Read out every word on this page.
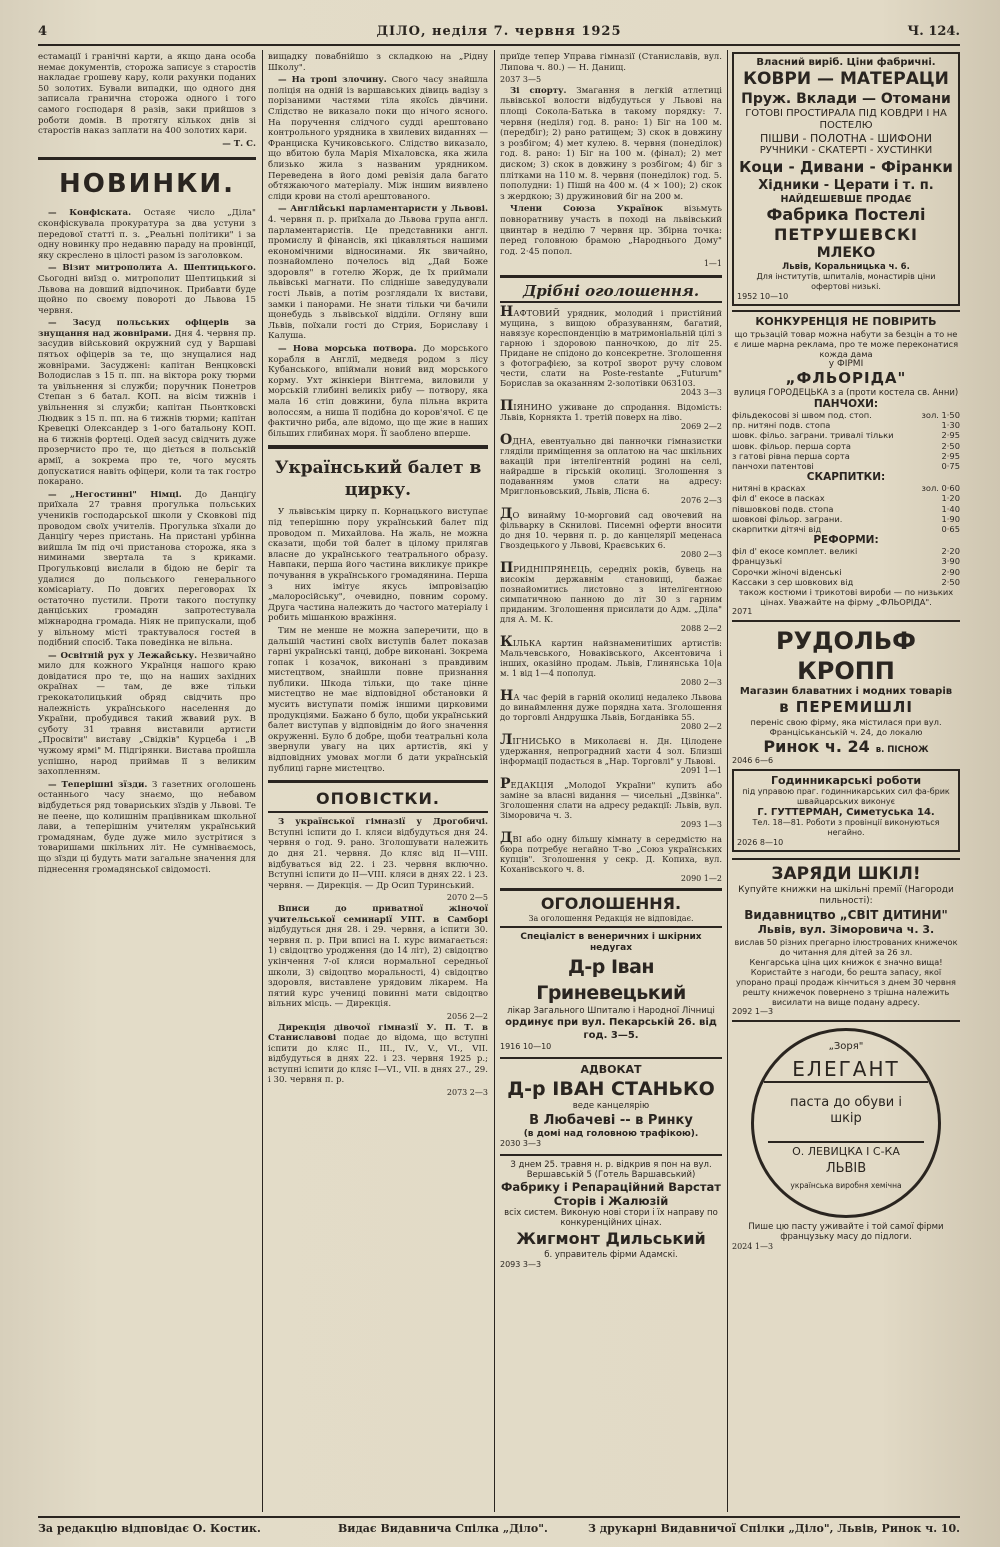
4	ДІЛО, неділя 7. червня 1925	Ч. 124.

естамації і гранічні карти, а якщо дана особа немає документів, сторожа записує з старостів накладає грошеву кару, коли рахунки поданих 50 золотих. Бували випадки, що одного дня записала гранична сторожа одного і того самого господаря 8 разів, заки прийшов з роботи домів. В протягу кількох днів зі старостів наказ заплати на 400 золотих кари.

— Т. С.
НОВИНКИ.

— Конфіската. Остаяє число „Діла" сконфіскувала прокуратура за два устуни з передової статті п. з. „Реальні політики" і за одну новинку про недавню параду на провінції, яку скреслено в цілості разом із заголовком.

— Візит митрополита А. Шептицького. Сьогодні виїзд о. митрополит Шептицький зі Львова на довший відпочинок. Прибавти буде щойно по своєму поворотi до Львова 15 червня.

— Засуд польських офіцерів за знущання над жовнірами. Дня 4. червня пр. засудив військовий окружний суд у Варшаві пятьох офіцерів за те, що знущалися над жовнірами. Засуджені: капітан Венцковскі Володислав з 15 п. пп. на віктора року тюрми та увільнення зі служби; поручник Понетров Степан з 6 батал. КОП. на вісім тижнів і увільнення зі служби; капітан Пьонтковскі Людвик з 15 п. пп. на 6 тижнів тюрми; капітан Кревецкі Олександер з 1-ого батальону КОП. на 6 тижнів фортеці. Одей засуд свідчить дуже прозерчисто про те, що діється в польській армії, а зокрема про те, чого мусять допускатися навіть офіцери, коли та так гостро покарано.

— „Негостинні" Німці. До Данціґу приїхала 27 травня прогулька польських учеників господарської школи у Сковкові під проводом своїх учителів. Прогулька зїхали до Данціґу через пристань. На пристані урбінна вийшла їм під очі пристанова сторожа, яка з ниминами звертала та з криками. Прогульковці вислали в бідою не беріг та удалися до польського генерального комісаріату. По довгих переговорах їх остаточно пустили. Проти такого поступку данціських громадян запротестувала міжнародна громада. Ніяк не припускали, щоб у вільному місті трактувалося гостей в подібний спосіб. Така поведінка не вільна.

— Освітній рух у Лежайську. Незвичайно мило для кожного Українця нашого краю довідатися про те, що на наших західних окраїнах — там, де вже тільки грекокатолицький обряд свідчить про належність українського населення до України, пробудився такий жвавий рух. В суботу 31 травня виставили артисти „Просвіти" виставу „Свідків" Курцеба і „В чужому ярмі" М. Підгірянки. Вистава пройшла успішно, народ приймав її з великим захопленням.

— Теперішні зїзди. З газетних оголошень останнього часу знаємо, що небавом відбудеться ряд товариських зїздів у Львові. Те не пеене, що колишнім працівникам школьної лави, а теперішнім учителям український громадянам, буде дуже мило зустрітися з товаришами шкільних літ. Не сумніваємось, що зїзди ці будуть мати загальне значення для піднесення громадянської свідомості.

вищадку повабнійшо з складкою на „Рідну Школу".

— На тропі злочину. Свого часу знайшла поліція на одній із варшавських дівиць вадізу з порізаними частями тіла якоїсь дівчини. Слідство не виказало поки що нічого ясного. На поручення слідчого судді арештовано контрольного урядника в хвилевих виданнях — Франциска Кучиковського. Слідство виказало, що вбитою була Марія Міхаловска, яка жила близько жила з названим урядником. Переведена в його домі ревізія дала багато обтяжаючого матеріалу. Між іншим виявлено сліди крови на столі арештованого.

— Англійські парламентаристи у Львові. 4. червня п. р. приїхала до Львова група англ. парламентаристів. Це представники англ. промислу й фінансів, які цікавляться нашими економічними відносинами. Як звичайно, познайомлено почелось від „Дай Боже здоровля" в готелю Жорж, де їх приймали львівські магнати. По слідніше заведудували гості Львів, а потім розглядали їх вистави, замки і панорами. Не знати тільки чи бачили щонебудь з львівської відділи. Огляну вши Львів, поїхали гості до Стрия, Бориславу і Калуша.

— Нова морська потвора. До морського корабля в Англії, медведя родом з лісу Кубанського, впіймали новий вид морського корму. Ухт жінкіери Вінтгема, виловили у морській глибині великіх рибу — потвору, яка мала 16 стіп довжини, була пільна вкрита волоссям, а ниша її подібна до коров'ячої. Є це фактично риба, але відомо, що ще жиє в наших більших глибинах моря. Її заоблено вперше.

Український балет в цирку.

У львівськім цирку п. Корнацького виступає під теперішню пору український балет під проводом п. Михайлова. На жаль, не можна сказати, щоби той балет в цілому прилягав власне до українського театрального образу. Навпаки, перша його частина викликує прикре почування в українського громадянина. Перша з них імітує якусь імпровізацію „малоросійську", очевидно, повним сорому. Друга частина належить до частого матеріалу і робить мішанкою вражіння.

Тим не менше не можна заперечити, що в дальшій частині своїх виступів балет показав гарні українські танці, добре виконані. Зокрема гопак і козачок, виконані з правдивим мистецтвом, знайшли повне признання публики. Шкода тільки, що таке цінне мистецтво не має відповідної обстановки й мусить виступати поміж іншими цирковими продукціями. Бажано б було, щоби український балет виступав у відповіднім до його значення окруженні. Було б добре, щоби театральні кола звернули увагу на цих артистів, які у відповідних умовах могли б дати українській публиці гарне мистецтво.

ОПОВІСТКИ.

З української гімназії у Дрогобичі. Вступні іспити до І. кляси відбудуться дня 24. червня о год. 9. рано. Зголошувати належить до дня 21. червня. До кляс від II—VIII. відбуваться від 22. і 23. червня включно. Вступні іспити до II—VIII. кляси в днях 22. і 23. червня. — Дирекція. — Др Осип Туринський.

2070 2—5

Вписи до приватної жіночої учительської семинарії УПТ. в Самборі відбудуться дня 28. і 29. червня, а іспити 30. червня п. р. При вписі на І. курс вимагається: 1) свідоцтво уродження (до 14 літ), 2) свідоцтво укінчення 7-ої кляси нормальної середньої школи, 3) свідоцтво моральності, 4) свідоцтво здоровля, виставлене урядовим лікарем. На пятий курс учениці повинні мати свідоцтво вільних місць. — Дирекція.

2056 2—2

Дирекція дівочої гімназії У. П. Т. в Станиславові подає до відома, що вступні іспити до кляс II., III., IV., V., VI., VII. відбудуться в днях 22. і 23. червня 1925 р.; вступні іспити до кляс I—VI., VII. в днях 27., 29. і 30. червня п. р.

2073 2—3

приїде тепер Управа гімназії (Станиславів, вул. Липова ч. 80.) — Н. Данищ.

2037 3—5

Зі спорту. Змагання в легкій атлетиці львівської волости відбудуться у Львові на площі Сокола-Батька в такому порядку: 7. червня (неділя) год. 8. рано: 1) Біг на 100 м. (передбіг); 2) рано ратищем; 3) скок в довжину з розбігом; 4) мет кулею. 8. червня (понеділок) год. 8. рано: 1) Біг на 100 м. (фінал); 2) мет диском; 3) скок в довжину з розбігом; 4) біг з плітками на 110 м. 8. червня (понеділок) год. 5. пополудни: 1) Пішй на 400 м. (4 × 100); 2) скок з жердкою; 3) дружиновий біг на 200 м.

Члени Союза Українок візьмуть повноратниву участь в поході на львівський цвинтар в неділю 7 червня цр. Збірна точка: перед головною брамою „Народнього Дому" год. 2·45 попол.

1—1
Дрібні оголошення.
НАФТОВИЙ урядник, молодий і пристійний мущина, з вищою образуванням, багатий, навязує кореспонденцію в матримоніальній цілі з гарною і здоровою панночкою, до літ 25. Придане не спідоно до консекретне. Зголошення з фотографією, за котрої зворот ручу словом чести, слати на Poste-restante „Futurum" Борислав за оказанням 2-золотівки 063103.
2043 3—3
ПІЯНИНО уживане до спродання. Відомість: Львів, Корнякта 1. третій поверх на ліво.
2069 2—2
ОДНА, евентуально дві панночки гімназистки гляділи приміщення за оплатою на час шкільних вакацій при інтелігентній родині на селі, найрадше в гірській околиці. Зголошення з подаванням умов слати на адресу: Мриглоньовський, Львів, Лісна 6.
2076 2—3
ДО винайму 10-морговий сад овочевий на фільварку в Скнилові. Писемні оферти вносити до дня 10. червня п. р. до канцелярії меценаса Гвоздецького у Львові, Краєвських 6.
2080 2—3
ПРИДНІПРЯНЕЦЬ, середніх років, бувець на високім державнім становищі, бажає познайомитись листовно з інтелігентною симпатичною панною до літ 30 з гарним приданим. Зголошення присилати до Адм. „Діла" для А. М. К.
2088 2—2
КІЛЬКА картин найзнаменитіших артистів: Мальчевського, Новаківського, Аксентовича і інших, оказійно продам. Львів, Глинянська 10|а м. 1 від 1—4 пополуд.
2080 2—3
НА час ферій в гарній околиці недалеко Львова до винаймлення дуже порядна хата. Зголошення до торговлі Андрушка Львів, Богданівка 55.
2080 2—2
ЛІГНИСЬКО в Миколаєві н. Дн. Цілодене удержання, непроградний хасти 4 зол. Близші інформації подасться в „Нар. Торговлі" у Львові.
2091 1—1
РЕДАКЦІЯ „Молодої України" купить або заміне за власні видання — чисельні „Дзвінка". Зголошення слати на адресу редакції: Львів, вул. Зіморовича ч. 3.
2093 1—3
ДВІ або одну більшу кімнату в середмістю на бюра потребує негайно Т-во „Союз українських купців". Зголошення у секр. Д. Копиха, вул. Коханівського ч. 8.
2090 1—2
ОГОЛОШЕННЯ.
За оголошення Редакція не відповідає.
Спеціаліст в венеричних і шкірних недугах
Д-р Іван Гриневецький
лікар Загального Шпиталю і Народної Лічниці
ординує при вул. Пекарській 26. від год. 3—5.
1916 10—10
АДВОКАТ
Д-р ІВАН СТАНЬКО
веде канцелярію
В Любачеві -- в Ринку
(в домі над головною трафікою).
2030 3—3
З днем 25. травня н. р. відкрив я пон на вул. Вершавській 5 (Готель Варшавський)
Фабрику і Репараційний Варстат Сторів і Жалюзій
всіх систем. Виконую нові стори і їх направу по конкуренційних цінах.
Жигмонт Дильський
б. управитель фірми Адамскі.
2093 3—3
Власний виріб. Ціни фабричні.
КОВРИ — МАТЕРАЦИ
Пруж. Вклади — Отомани
ГОТОВІ ПРОСТИРАЛА ПІД КОВДРИ І НА ПОСТЕЛЮ
ПІШВИ - ПОЛОТНА - ШИФОНИ
РУЧНИКИ - СКАТЕРТІ - ХУСТИНКИ
Коци - Дивани - Фіранки
Хідники - Церати і т. п.
НАЙДЕШЕВШЕ ПРОДАЄ
Фабрика Постелі
ПЕТРУШЕВСКІ
МЛЕКО
Львів, Коральницька ч. 6.
Для інститутів, шпиталів, монастирів ціни офертові низькі.
1952 10—10
КОНКУРЕНЦІЯ НЕ ПОВІРИТЬ
що трьзацій товар можна набути за безцін а то не є лише марна реклама, про те може переконатися кожда дама
у ФІРМІ
„ФЛЬОРІДА"
вулиця ГОРОДЕЦЬКА з а (проти костела св. Анни)
ПАНЧОХИ:
фільдекосові зі швом под. стоп.	зол. 1·50
пр. нитяні подв. стопа	1·30
шовк. фільо. заграни. тривалі тільки	2·95
шовк. фільор. перша сорта	2·50
з гатові рівна перша сорта	2·95
панчохи патентові	0·75
СКАРПИТКИ:
нитяні в красках	зол. 0·60
філ d' екосе в пасках	1·20
півшовкові подв. стопа	1·40
шовкові фільор. заграни.	1·90
скарпитки дітячі від	0·65
РЕФОРМИ:
філ d' екосе комплет. великі	2·20
французькі	3·90
Сорочки жіночі віденські	2·90
Кассаки з сер шовкових від	2·50
також костюми і трикотові вироби — по низьких цінах. Уважайте на фірму „ФЛЬОРІДА".
2071
РУДОЛЬФ КРОПП
Магазин блаватних і модних товарів
в ПЕРЕМИШЛІ
переніс свою фірму, яка містилася при вул. Франціськанській ч. 24, до локалю
Ринок ч. 24 в. ПІСНОЖ
2046 6—6
Годинникарські роботи
під управою праг. годинникарських сил фа-брик швайцарських виконує
Г. ГУТТЕРМАН, Симетуська 14.
Тел. 18—81. Роботи з провінції виконуються негайно.
2026 8—10
ЗАРЯДИ ШКІЛ!
Купуйте книжки на шкільні премії (Нагороди пильності):
Видавництво „СВІТ ДИТИНИ"
Львів, вул. Зіморовича ч. 3.
вислав 50 різних прегарно ілюстрованих книжечок до читання для дітей за 26 зл.
Кенгарська ціна цих книжок є значно вища!
Користайте з нагоди, бо решта запасу, якої упорано праці продаж кінчиться з днем 30 червня решту книжечок повернено з трішна належить висилати на вище подану адресу.
2092 1—3
„Зоря"
ЕЛЕГАНТ
паста до обуви і шкір
О. ЛЕВИЦКА І С-КА
ЛЬВІВ
українська виробня хемічна
Пише цю пасту уживайте і той самої фірми французьку масу до підлоги.
2024 1—3
За редакцію відповідає О. Костик.	Видає Видавнича Спілка „Діло".	З друкарні Видавничої Спілки „Діло", Львів, Ринок ч. 10.
